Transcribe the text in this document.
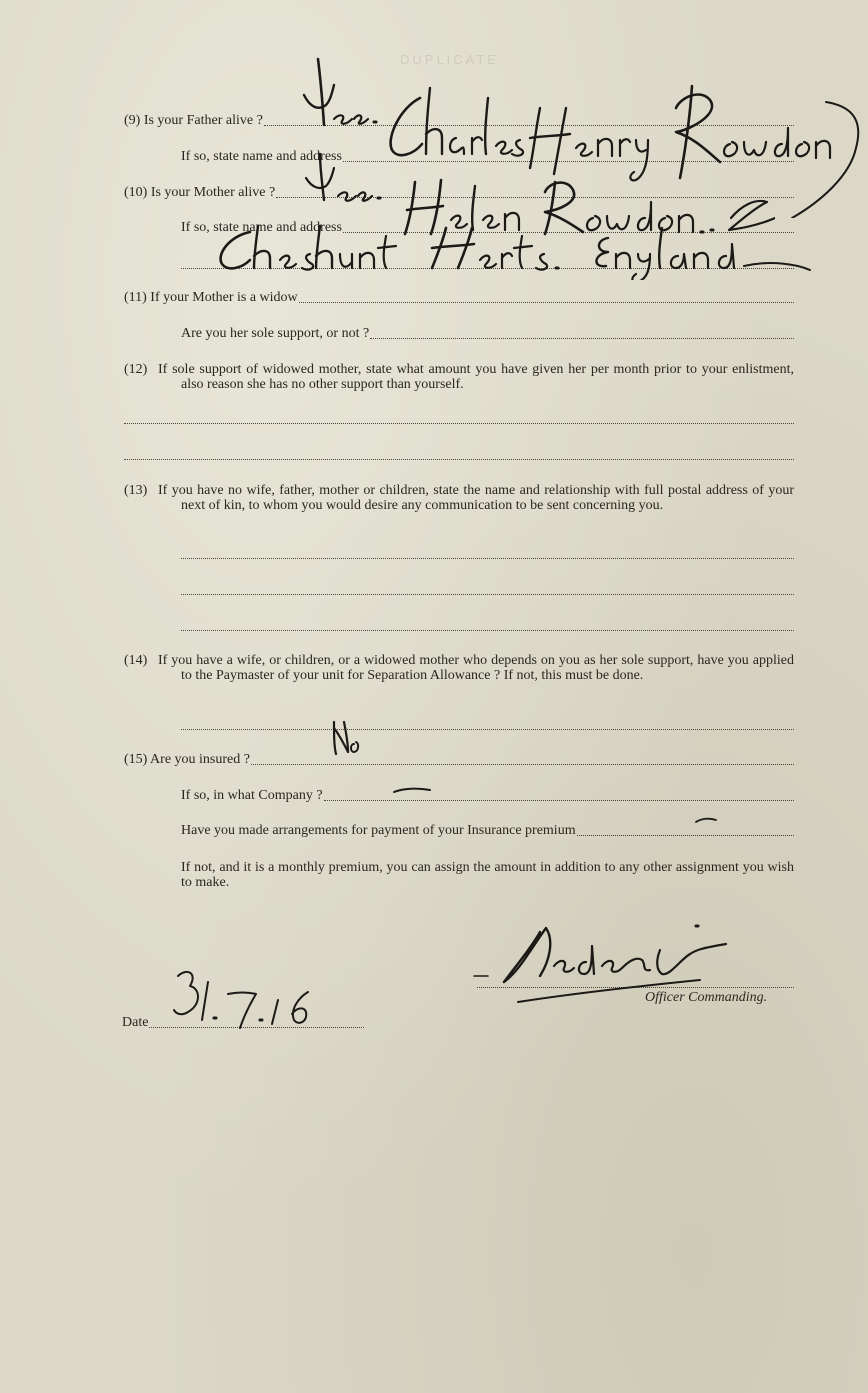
DUPLICATE
(9) Is your Father alive ?
If so, state name and address
(10) Is your Mother alive ?
If so, state name and address
(11) If your Mother is a widow
Are you her sole support, or not ?
(12) If sole support of widowed mother, state what amount you have given her per month prior to your enlistment, also reason she has no other support than yourself.
(13) If you have no wife, father, mother or children, state the name and relationship with full postal address of your next of kin, to whom you would desire any communication to be sent concerning you.
(14) If you have a wife, or children, or a widowed mother who depends on you as her sole support, have you applied to the Paymaster of your unit for Separation Allowance ? If not, this must be done.
(15) Are you insured ?
If so, in what Company ?
Have you made arrangements for payment of your Insurance premium
If not, and it is a monthly premium, you can assign the amount in addition to any other assignment you wish to make.
Officer Commanding.
Date
